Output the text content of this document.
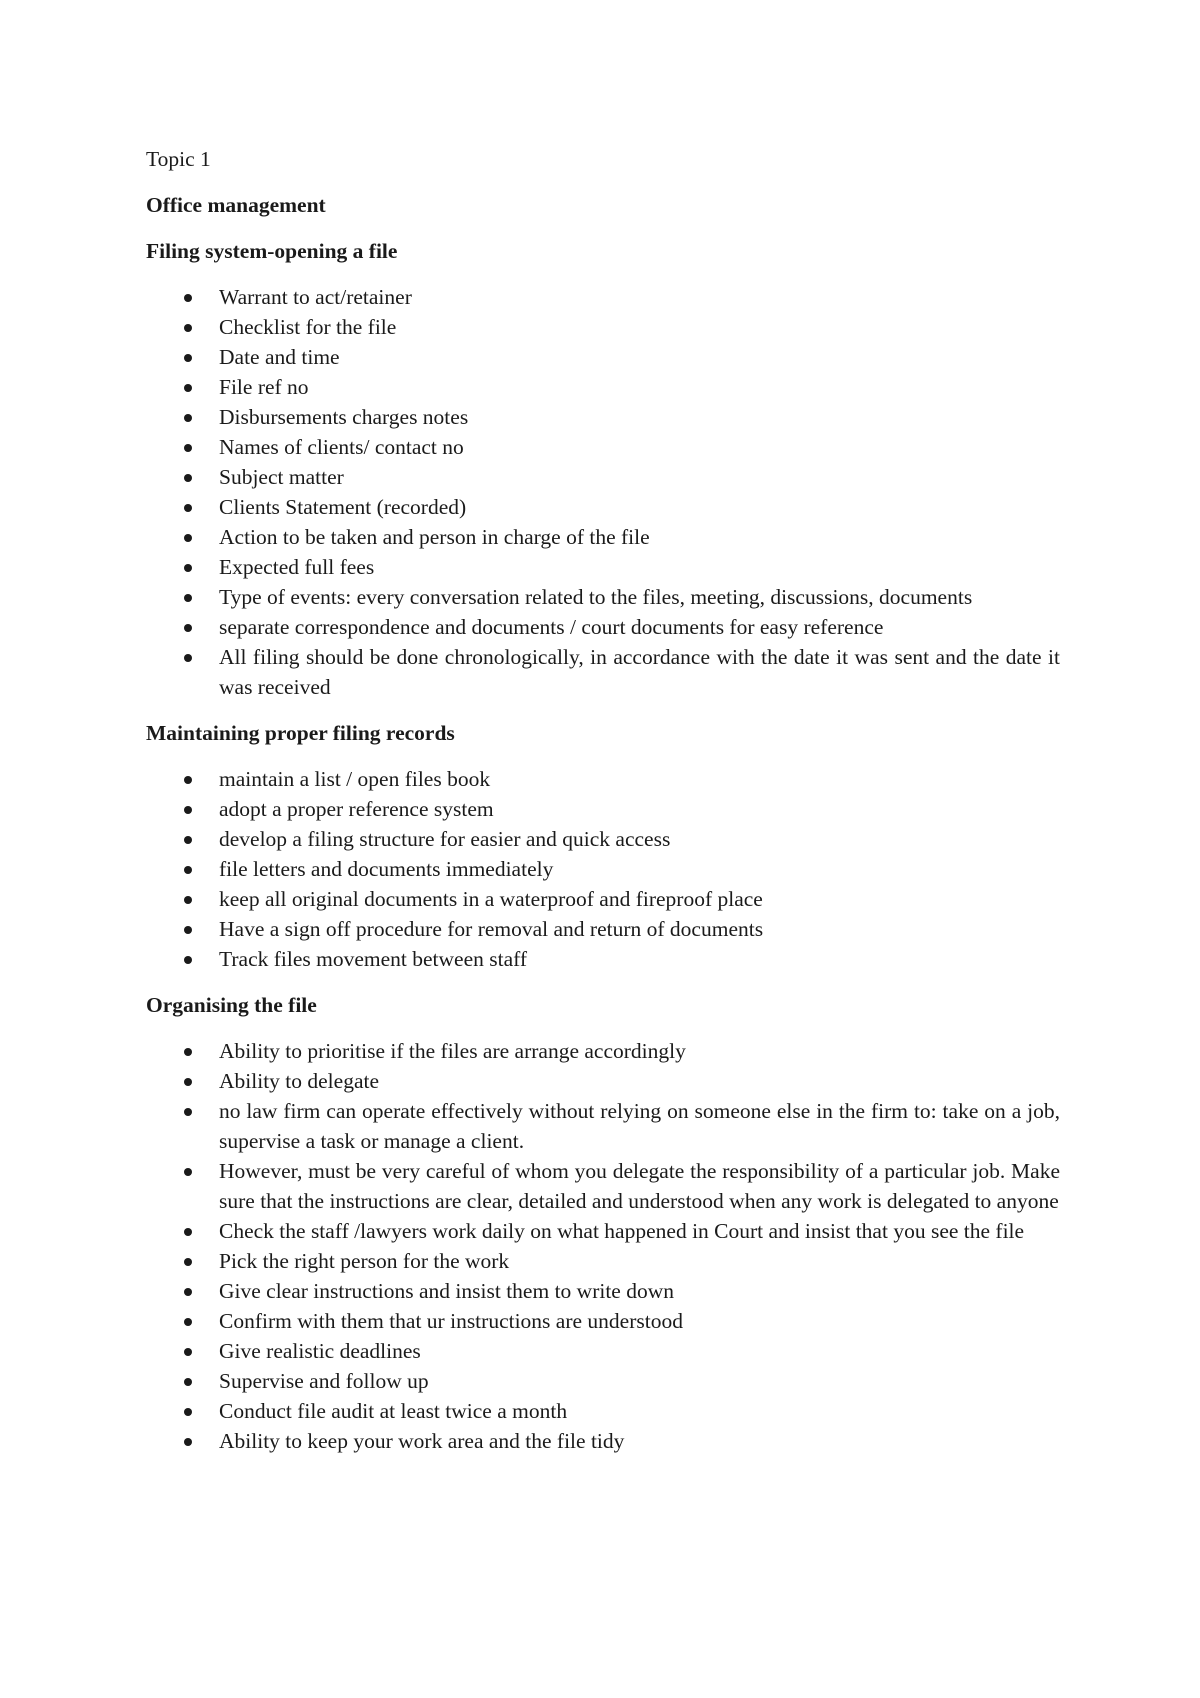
Topic 1

Office management

Filing system-opening a file

Warrant to act/retainer
Checklist for the file
Date and time
File ref no
Disbursements charges notes
Names of clients/ contact no
Subject matter
Clients Statement (recorded)
Action to be taken and person in charge of the file
Expected full fees
Type of events: every conversation related to the files, meeting, discussions, documents
separate correspondence and documents / court documents for easy reference
All filing should be done chronologically, in accordance with the date it was sent and the date it was received

Maintaining proper filing records

maintain a list / open files book
adopt a proper reference system
develop a filing structure for easier and quick access
file letters and documents immediately
keep all original documents in a waterproof and fireproof place
Have a sign off procedure for removal and return of documents
Track files movement between staff

Organising the file

Ability to prioritise if the files are arrange accordingly
Ability to delegate
no law firm can operate effectively without relying on someone else in the firm to: take on a job, supervise a task or manage a client.
However, must be very careful of whom you delegate the responsibility of a particular job. Make sure that the instructions are clear, detailed and understood when any work is delegated to anyone
Check the staff /lawyers work daily on what happened in Court and insist that you see the file
Pick the right person for the work
Give clear instructions and insist them to write down
Confirm with them that ur instructions are understood
Give realistic deadlines
Supervise and follow up
Conduct file audit at least twice a month
Ability to keep your work area and the file tidy
